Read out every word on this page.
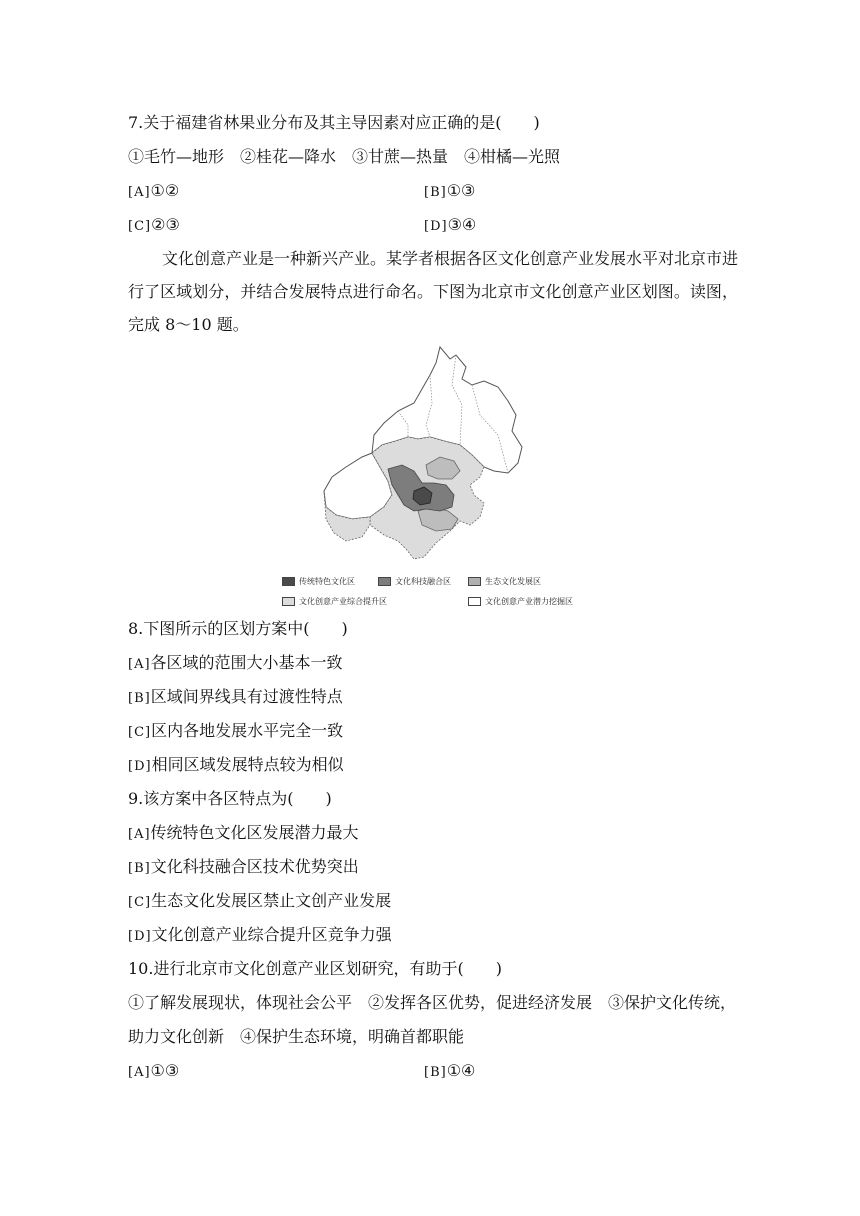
7.关于福建省林果业分布及其主导因素对应正确的是(　　)
①毛竹—地形　②桂花—降水　③甘蔗—热量　④柑橘—光照
[A]①②	[B]①③
[C]②③	[D]③④
文化创意产业是一种新兴产业。某学者根据各区文化创意产业发展水平对北京市进行了区域划分，并结合发展特点进行命名。下图为北京市文化创意产业区划图。读图，完成 8～10 题。
传统特色文化区	文化科技融合区	生态文化发展区
文化创意产业综合提升区	文化创意产业潜力挖掘区
8.下图所示的区划方案中(　　)
[A]各区域的范围大小基本一致
[B]区域间界线具有过渡性特点
[C]区内各地发展水平完全一致
[D]相同区域发展特点较为相似
9.该方案中各区特点为(　　)
[A]传统特色文化区发展潜力最大
[B]文化科技融合区技术优势突出
[C]生态文化发展区禁止文创产业发展
[D]文化创意产业综合提升区竞争力强
10.进行北京市文化创意产业区划研究，有助于(　　)
①了解发展现状，体现社会公平　②发挥各区优势，促进经济发展　③保护文化传统，助力文化创新　④保护生态环境，明确首都职能
[A]①③	[B]①④
